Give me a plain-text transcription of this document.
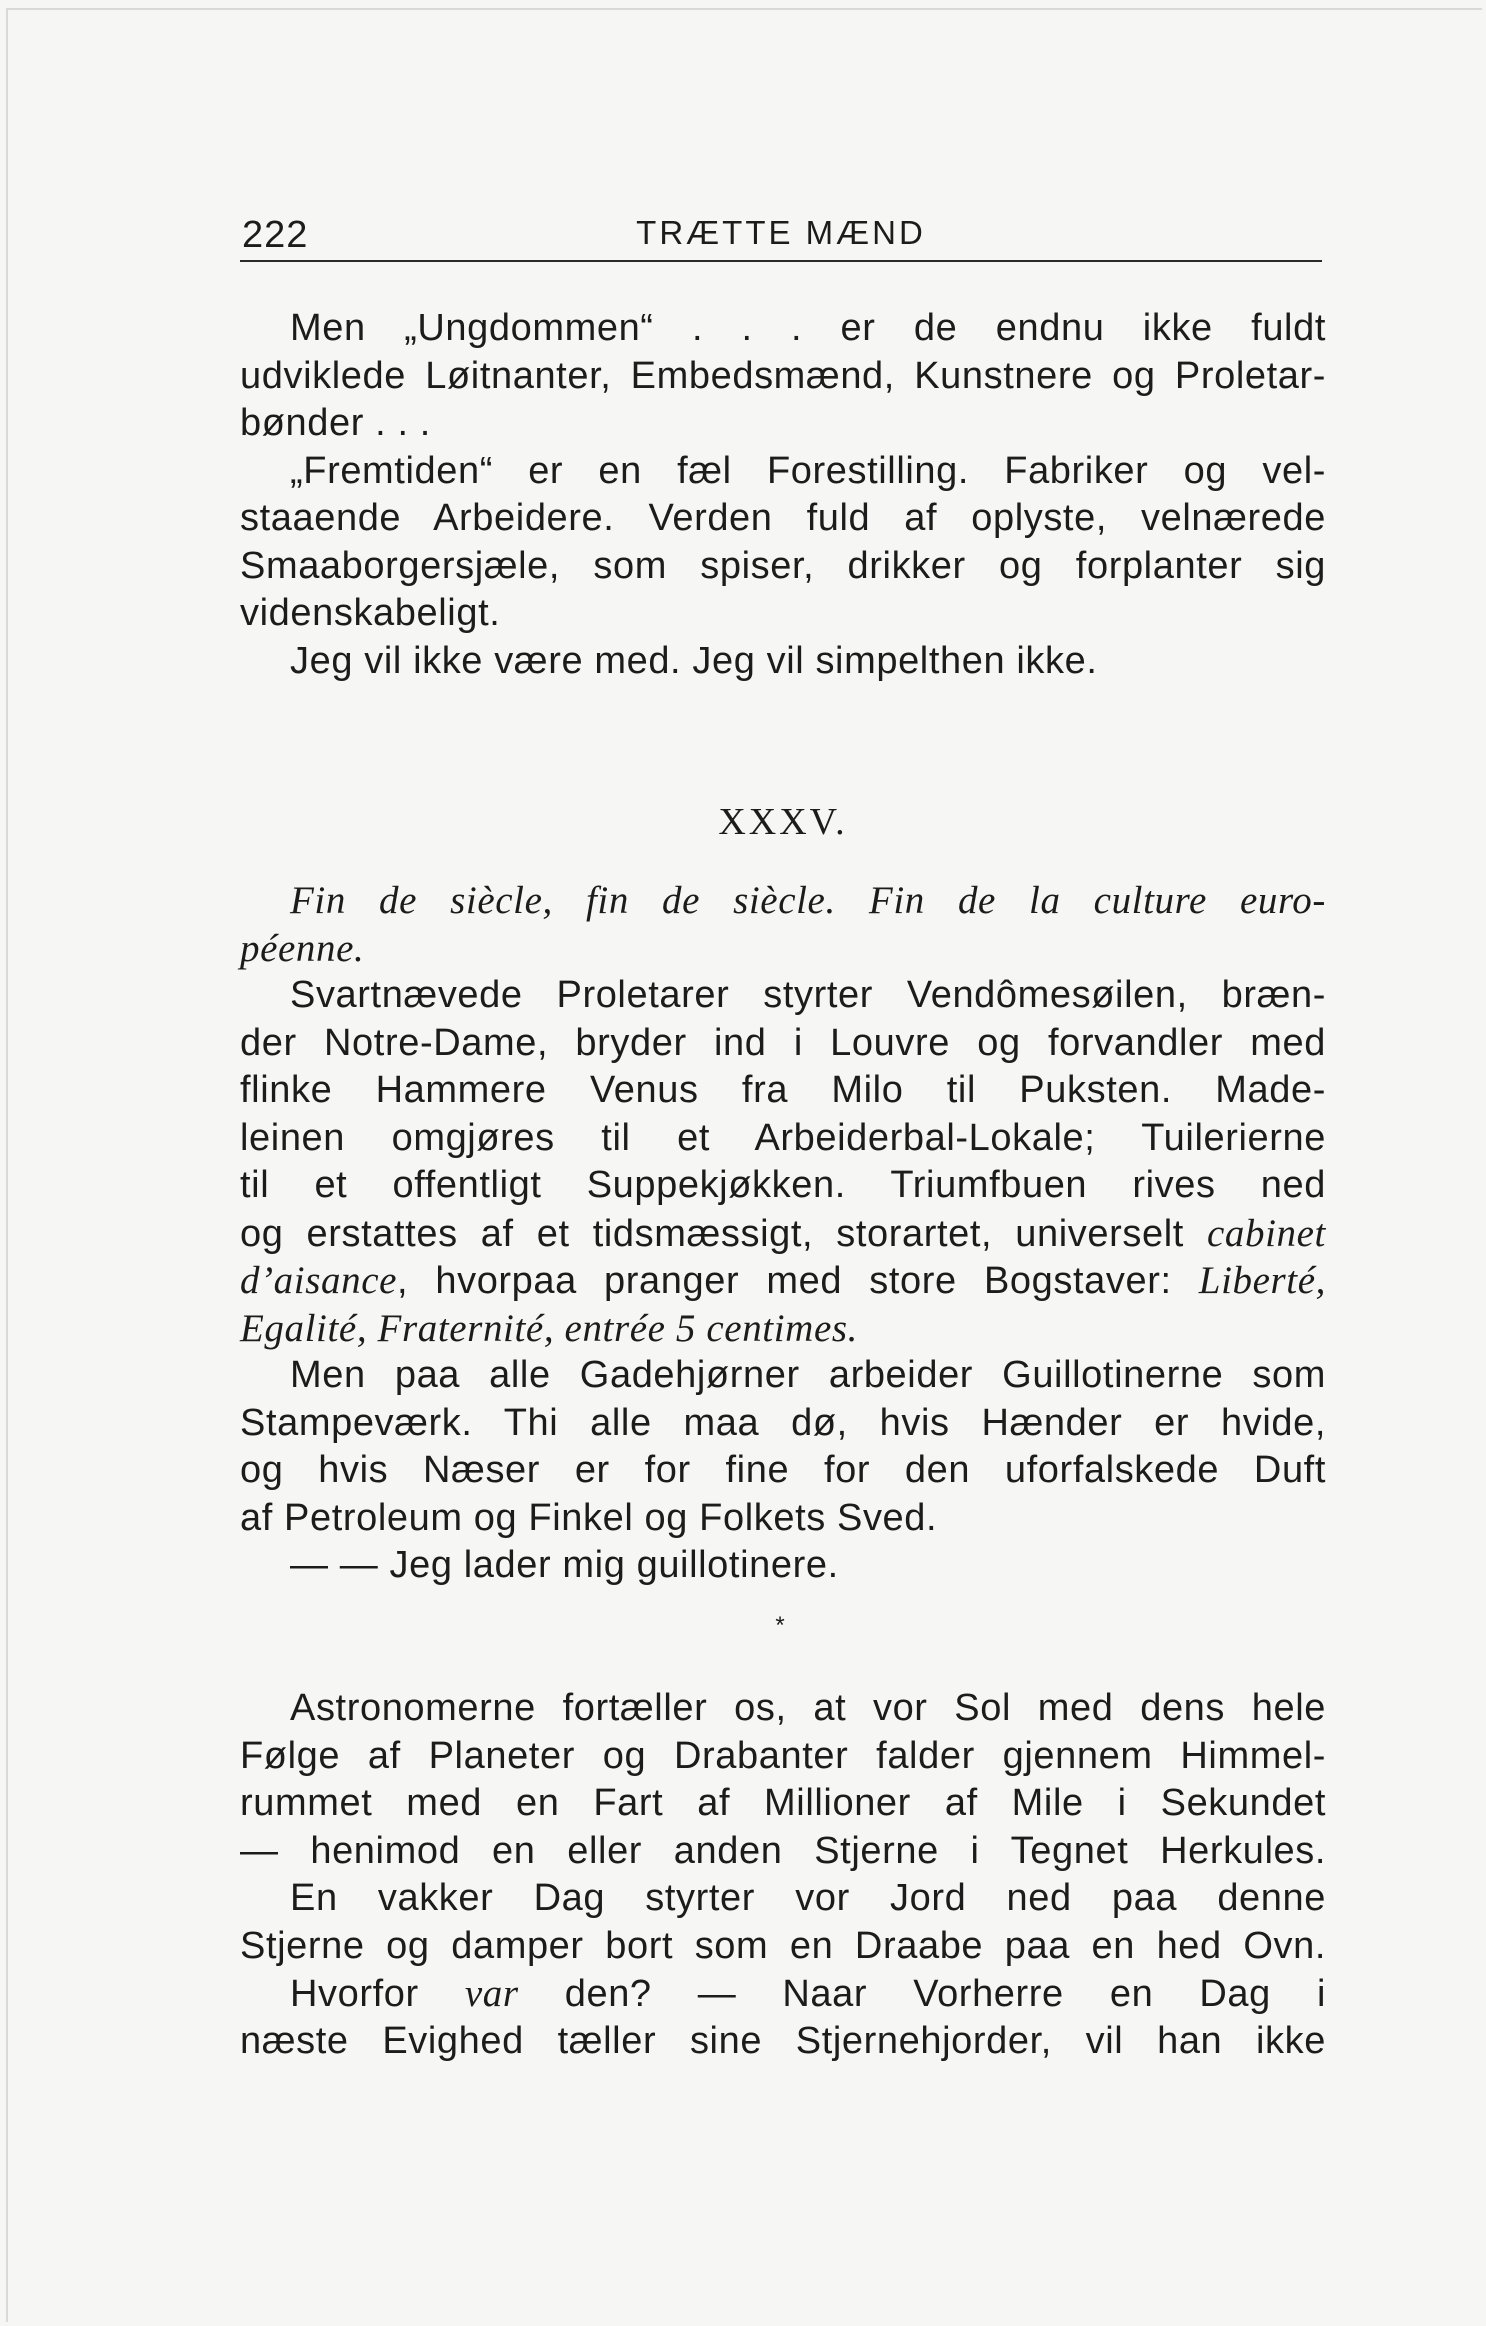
222	TRÆTTE MÆND
Men „Ungdommen“ . . . er de endnu ikke fuldt
udviklede Løitnanter, Embedsmænd, Kunstnere og Proletar-
bønder . . .
„Fremtiden“ er en fæl Forestilling. Fabriker og vel-
staaende Arbeidere. Verden fuld af oplyste, velnærede
Smaaborgersjæle, som spiser, drikker og forplanter sig
videnskabeligt.
Jeg vil ikke være med. Jeg vil simpelthen ikke.
XXXV.
Fin de siècle, fin de siècle. Fin de la culture euro-
péenne.
Svartnævede Proletarer styrter Vendômesøilen, bræn-
der Notre-Dame, bryder ind i Louvre og forvandler med
flinke Hammere Venus fra Milo til Puksten. Made-
leinen omgjøres til et Arbeiderbal-Lokale; Tuilerierne
til et offentligt Suppekjøkken. Triumfbuen rives ned
og erstattes af et tidsmæssigt, storartet, universelt cabinet
d’aisance, hvorpaa pranger med store Bogstaver: Liberté,
Egalité, Fraternité, entrée 5 centimes.
Men paa alle Gadehjørner arbeider Guillotinerne som
Stampeværk. Thi alle maa dø, hvis Hænder er hvide,
og hvis Næser er for fine for den uforfalskede Duft
af Petroleum og Finkel og Folkets Sved.
— — Jeg lader mig guillotinere.
*
Astronomerne fortæller os, at vor Sol med dens hele
Følge af Planeter og Drabanter falder gjennem Himmel-
rummet med en Fart af Millioner af Mile i Sekundet
— henimod en eller anden Stjerne i Tegnet Herkules.
En vakker Dag styrter vor Jord ned paa denne
Stjerne og damper bort som en Draabe paa en hed Ovn.
Hvorfor var den? — Naar Vorherre en Dag i
næste Evighed tæller sine Stjernehjorder, vil han ikke
